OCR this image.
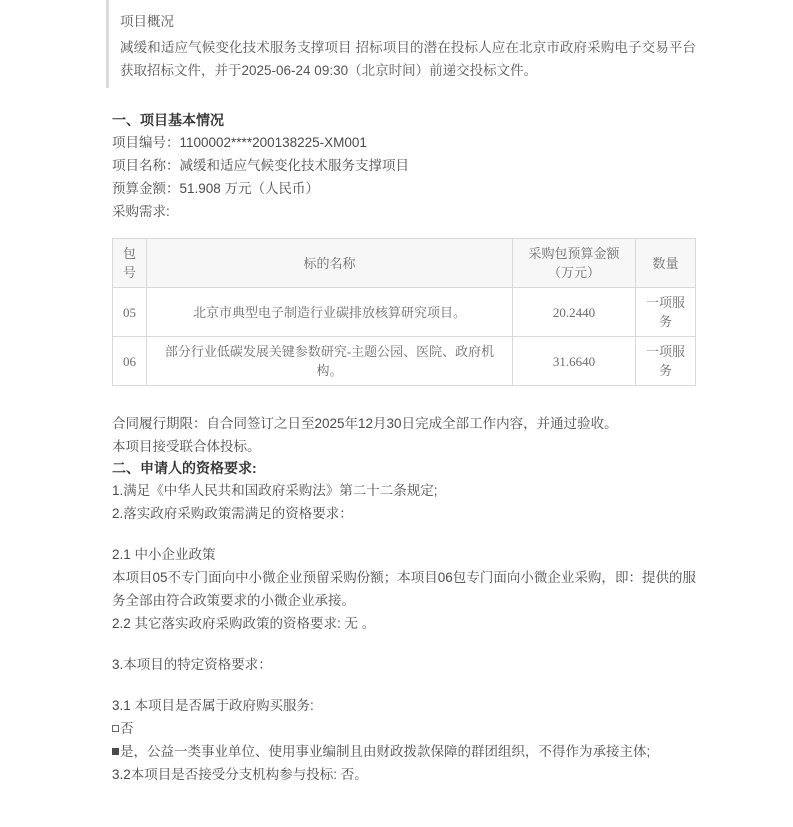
项目概况

减缓和适应气候变化技术服务支撑项目 招标项目的潜在投标人应在北京市政府采购电子交易平台获取招标文件，并于2025-06-24 09:30（北京时间）前递交投标文件。

一、项目基本情况

项目编号：1100002****200138225-XM001

项目名称：减缓和适应气候变化技术服务支撑项目

预算金额：51.908 万元（人民币）

采购需求:

包号	标的名称	采购包预算金额（万元）	数量
05	北京市典型电子制造行业碳排放核算研究项目。	20.2440	一项服务
06	部分行业低碳发展关键参数研究-主题公园、医院、政府机构。	31.6640	一项服务

合同履行期限：自合同签订之日至2025年12月30日完成全部工作内容，并通过验收。

本项目接受联合体投标。

二、申请人的资格要求:

1.满足《中华人民共和国政府采购法》第二十二条规定;

2.落实政府采购政策需满足的资格要求：

2.1 中小企业政策

本项目05不专门面向中小微企业预留采购份额；本项目06包专门面向小微企业采购，即：提供的服务全部由符合政策要求的小微企业承接。

2.2 其它落实政府采购政策的资格要求: 无 。

3.本项目的特定资格要求：

3.1 本项目是否属于政府购买服务:

否

是，公益一类事业单位、使用事业编制且由财政拨款保障的群团组织，不得作为承接主体;

3.2本项目是否接受分支机构参与投标: 否。
